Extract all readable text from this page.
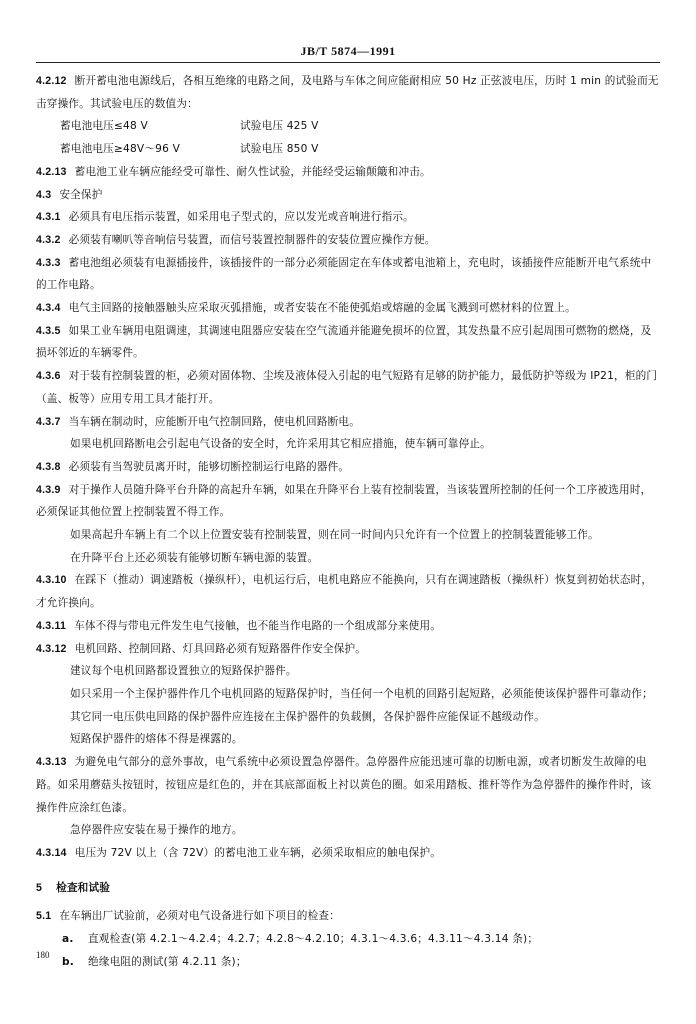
JB/T 5874—1991

4.2.12 断开蓄电池电源线后，各相互绝缘的电路之间，及电路与车体之间应能耐相应 50 Hz 正弦波电压，历时 1 min 的试验而无击穿操作。其试验电压的数值为：

蓄电池电压≤48 V	试验电压 425 V
蓄电池电压≥48V～96 V	试验电压 850 V

4.2.13 蓄电池工业车辆应能经受可靠性、耐久性试验，并能经受运输颠簸和冲击。

4.3 安全保护

4.3.1 必须具有电压指示装置，如采用电子型式的，应以发光或音响进行指示。

4.3.2 必须装有喇叭等音响信号装置，而信号装置控制器件的安装位置应操作方便。

4.3.3 蓄电池组必须装有电源插接件，该插接件的一部分必须能固定在车体或蓄电池箱上，充电时，该插接件应能断开电气系统中的工作电路。

4.3.4 电气主回路的接触器触头应采取灭弧措施，或者安装在不能使弧焰或熔融的金属飞溅到可燃材料的位置上。

4.3.5 如果工业车辆用电阻调速，其调速电阻器应安装在空气流通并能避免损坏的位置，其发热量不应引起周围可燃物的燃烧，及损坏邻近的车辆零件。

4.3.6 对于装有控制装置的柜，必须对固体物、尘埃及液体侵入引起的电气短路有足够的防护能力，最低防护等级为 IP21，柜的门（盖、板等）应用专用工具才能打开。

4.3.7 当车辆在制动时，应能断开电气控制回路，使电机回路断电。

如果电机回路断电会引起电气设备的安全时，允许采用其它相应措施，使车辆可靠停止。

4.3.8 必须装有当驾驶员离开时，能够切断控制运行电路的器件。

4.3.9 对于操作人员随升降平台升降的高起升车辆，如果在升降平台上装有控制装置，当该装置所控制的任何一个工序被选用时，必须保证其他位置上控制装置不得工作。

如果高起升车辆上有二个以上位置安装有控制装置，则在同一时间内只允许有一个位置上的控制装置能够工作。

在升降平台上还必须装有能够切断车辆电源的装置。

4.3.10 在踩下（推动）调速踏板（操纵杆），电机运行后，电机电路应不能换向，只有在调速踏板（操纵杆）恢复到初始状态时，才允许换向。

4.3.11 车体不得与带电元件发生电气接触，也不能当作电路的一个组成部分来使用。

4.3.12 电机回路、控制回路、灯具回路必须有短路器件作安全保护。

建议每个电机回路都设置独立的短路保护器件。

如只采用一个主保护器件作几个电机回路的短路保护时，当任何一个电机的回路引起短路，必须能使该保护器件可靠动作；其它同一电压供电回路的保护器件应连接在主保护器件的负载侧，各保护器件应能保证不越级动作。

短路保护器件的熔体不得是裸露的。

4.3.13 为避免电气部分的意外事故，电气系统中必须设置急停器件。急停器件应能迅速可靠的切断电源，或者切断发生故障的电路。如采用蘑菇头按钮时，按钮应是红色的，并在其底部面板上衬以黄色的圈。如采用踏板、推杆等作为急停器件的操作件时，该操作件应涂红色漆。

急停器件应安装在易于操作的地方。

4.3.14 电压为 72V 以上（含 72V）的蓄电池工业车辆，必须采取相应的触电保护。

5 检查和试验

5.1 在车辆出厂试验前，必须对电气设备进行如下项目的检查：

a. 直观检查(第 4.2.1～4.2.4；4.2.7；4.2.8～4.2.10；4.3.1～4.3.6；4.3.11～4.3.14 条)；

b. 绝缘电阻的测试(第 4.2.11 条)；

180
